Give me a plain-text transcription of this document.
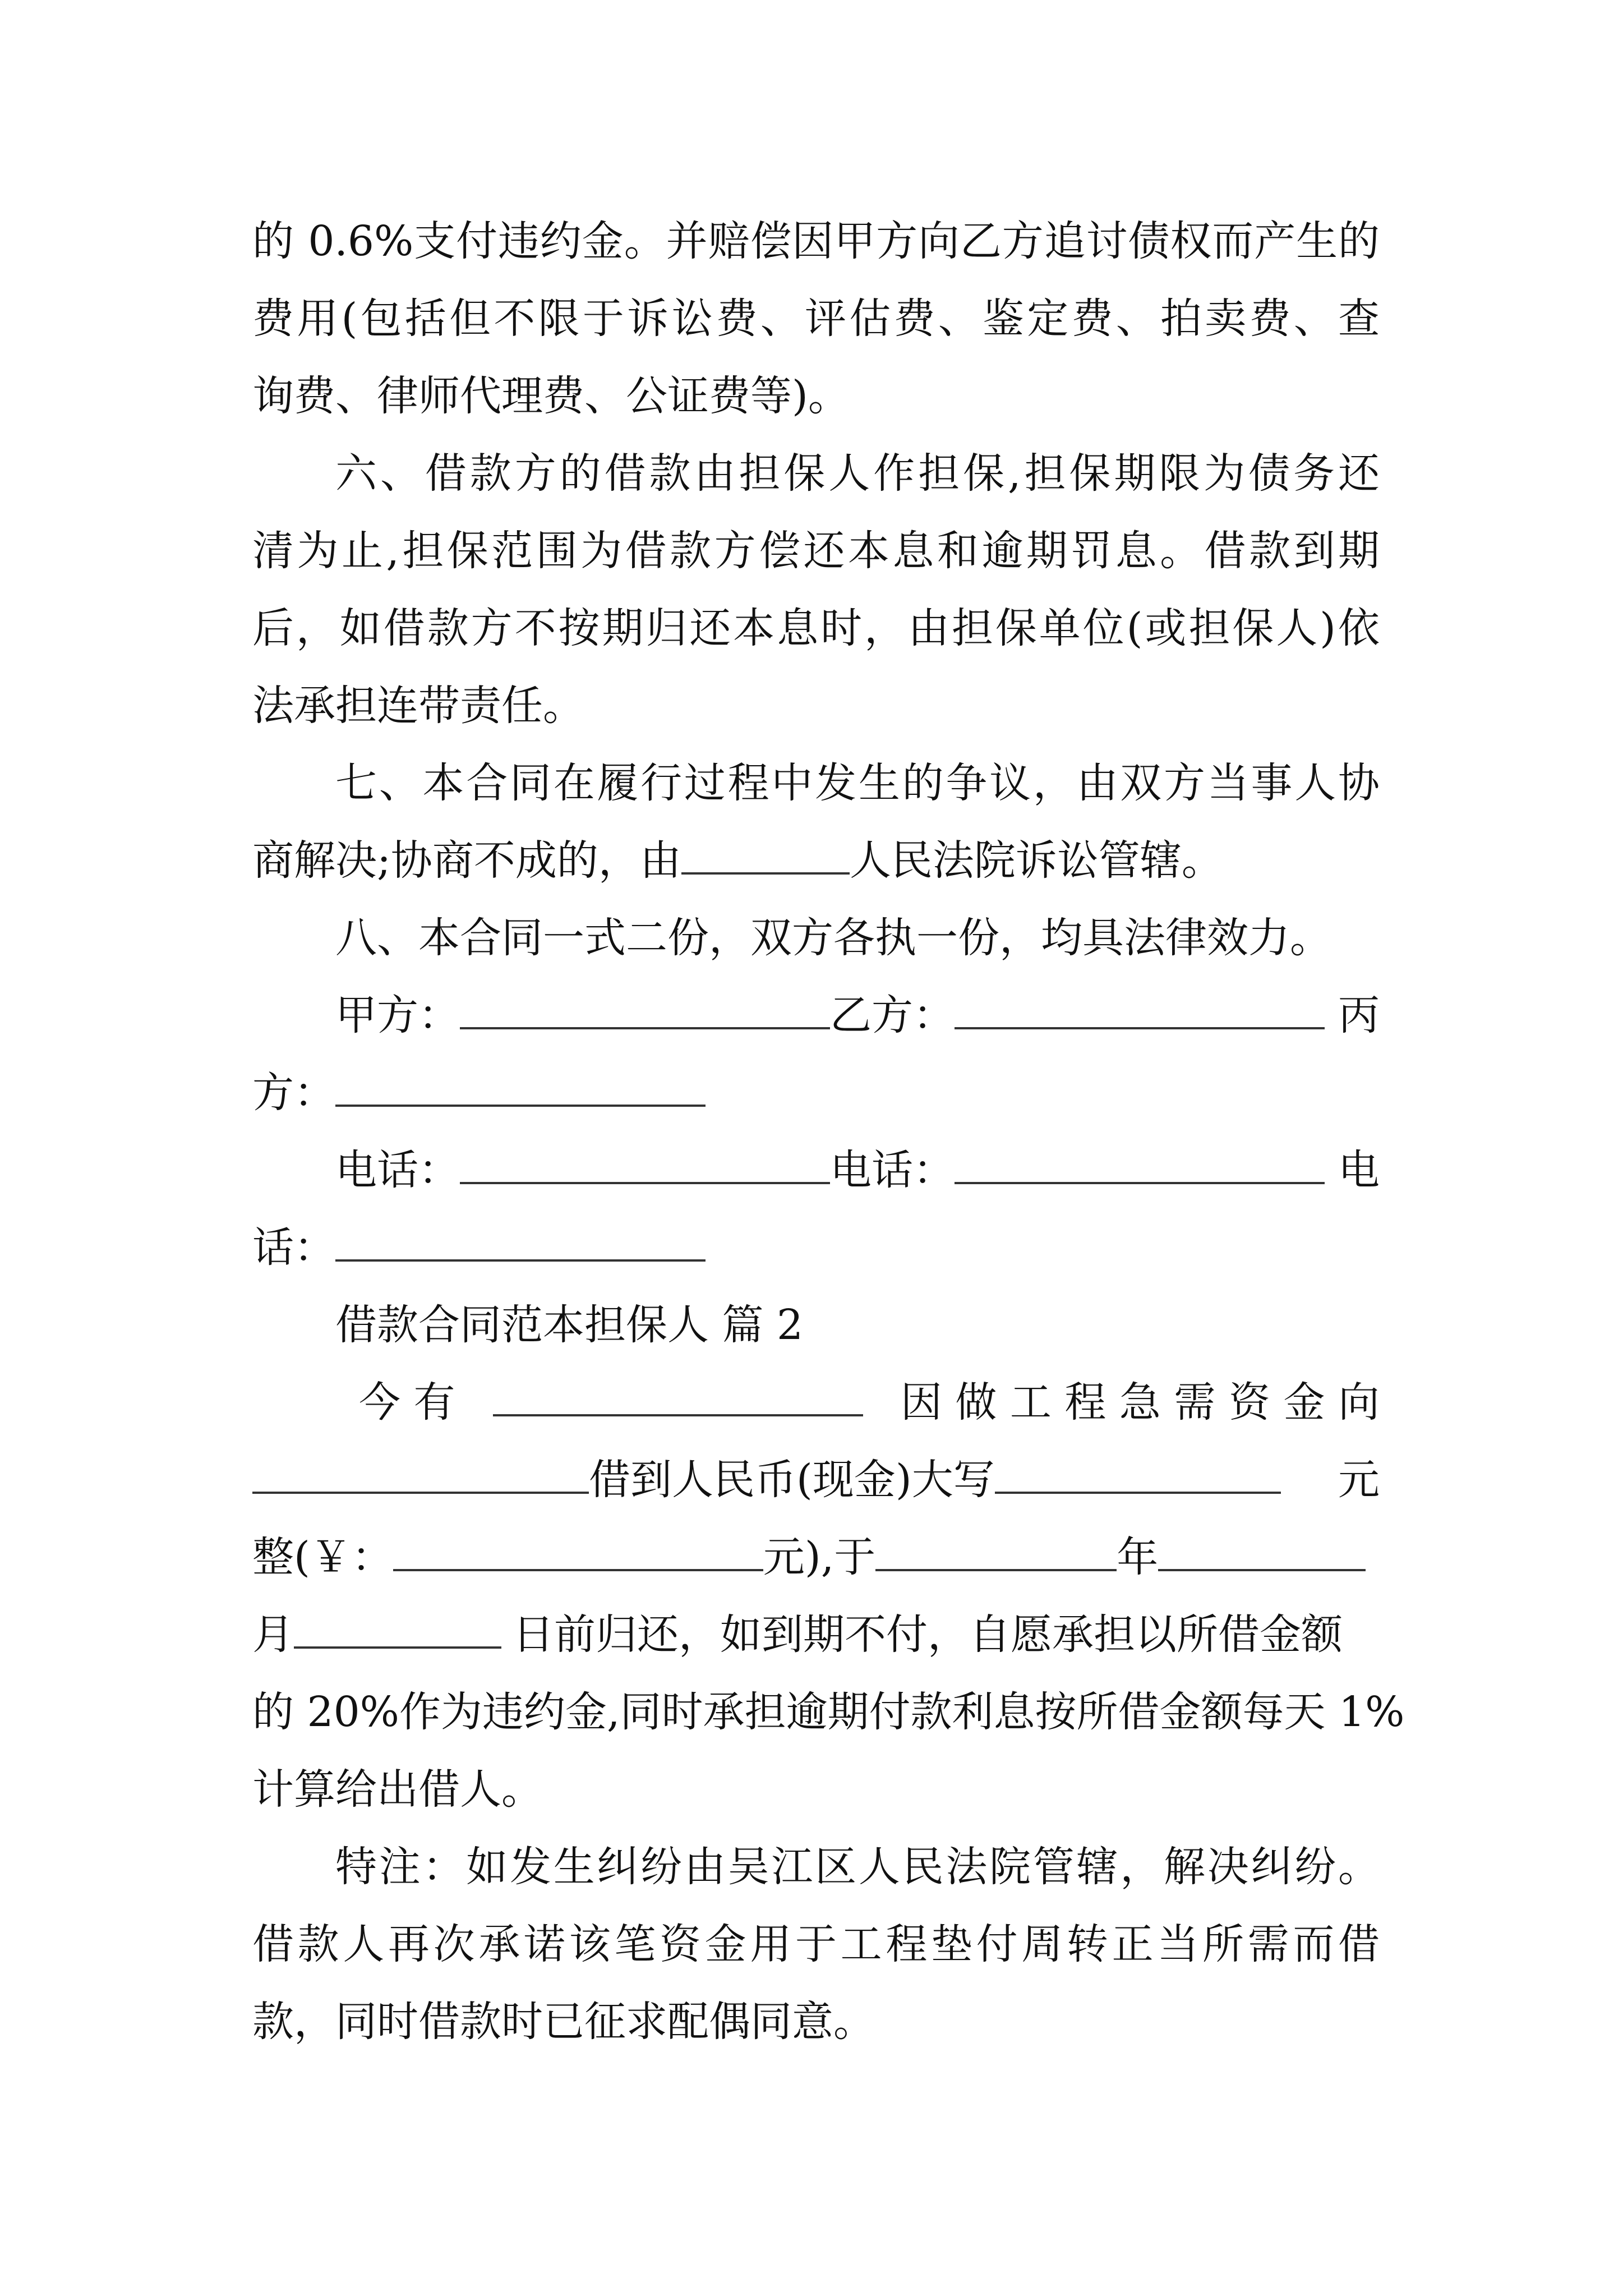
的 0.6%支付违约金。并赔偿因甲方向乙方追讨债权而产生的
费用(包括但不限于诉讼费、评估费、鉴定费、拍卖费、查
询费、律师代理费、公证费等)。
六、借款方的借款由担保人作担保,担保期限为债务还
清为止,担保范围为借款方偿还本息和逾期罚息。借款到期
后，如借款方不按期归还本息时，由担保单位(或担保人)依
法承担连带责任。
七、本合同在履行过程中发生的争议，由双方当事人协
商解决;协商不成的，由	人民法院诉讼管辖。
八、本合同一式二份，双方各执一份，均具法律效力。
甲方：	乙方：	丙
方：
电话：	电话：	电
话：
借款合同范本担保人 篇 2
今 有	因 做 工 程 急 需 资 金 向
借到人民币(现金)大写	元
整(￥：	元),于	年
月	日前归还，如到期不付，自愿承担以所借金额
的 20%作为违约金,同时承担逾期付款利息按所借金额每天 1%
计算给出借人。
特注：如发生纠纷由吴江区人民法院管辖，解决纠纷。
借款人再次承诺该笔资金用于工程垫付周转正当所需而借
款，同时借款时已征求配偶同意。
